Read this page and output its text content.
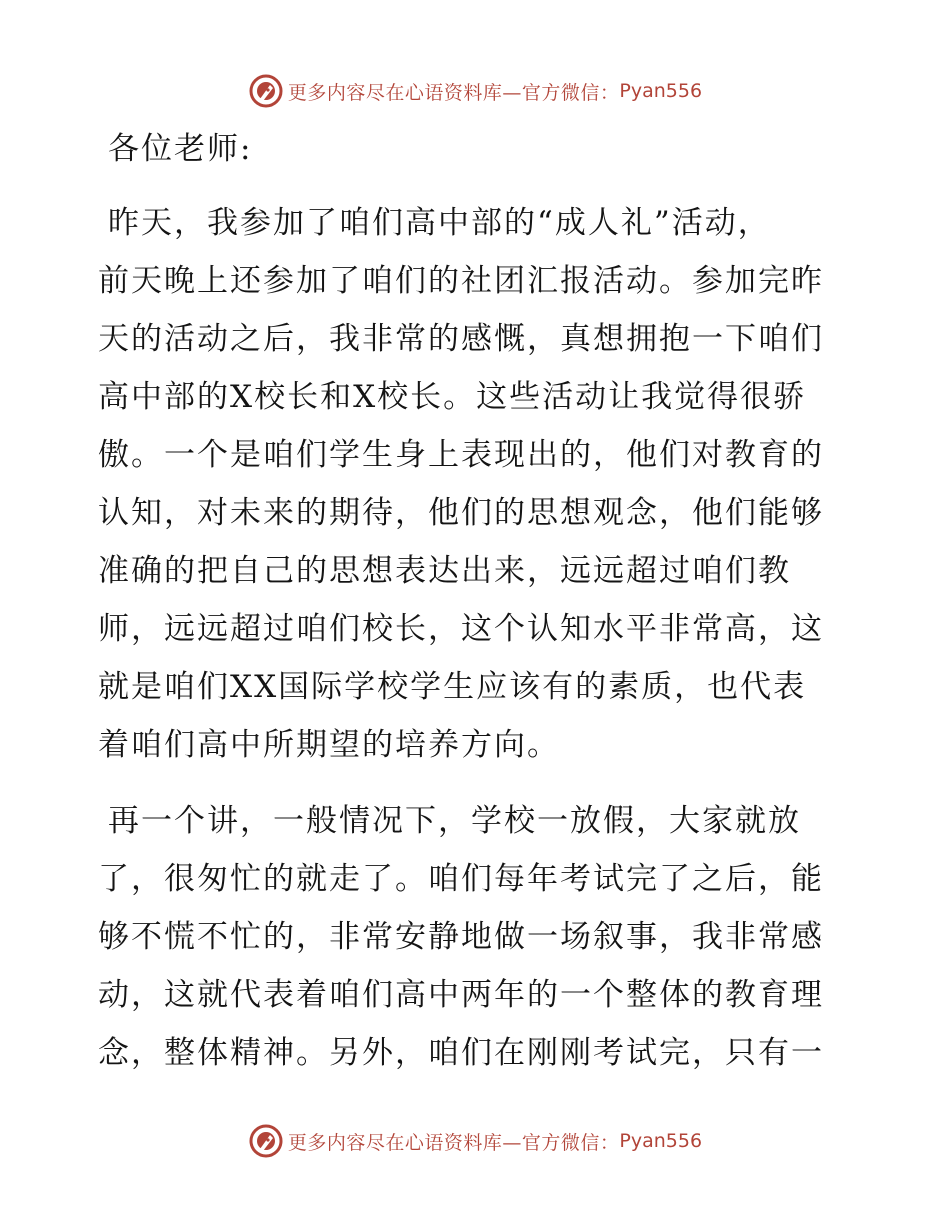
更多内容尽在心语资料库—官方微信： Pyan556
各位老师:
昨天，我参加了咱们高中部的“成人礼”活动，
前天晚上还参加了咱们的社团汇报活动。参加完昨
天的活动之后，我非常的感慨，真想拥抱一下咱们
高中部的X校长和X校长。这些活动让我觉得很骄
傲。一个是咱们学生身上表现出的，他们对教育的
认知，对未来的期待，他们的思想观念，他们能够
准确的把自己的思想表达出来，远远超过咱们教
师，远远超过咱们校长，这个认知水平非常高，这
就是咱们XX国际学校学生应该有的素质，也代表
着咱们高中所期望的培养方向。
再一个讲，一般情况下，学校一放假，大家就放
了，很匆忙的就走了。咱们每年考试完了之后，能
够不慌不忙的，非常安静地做一场叙事，我非常感
动，这就代表着咱们高中两年的一个整体的教育理
念，整体精神。另外，咱们在刚刚考试完，只有一
更多内容尽在心语资料库—官方微信： Pyan556
